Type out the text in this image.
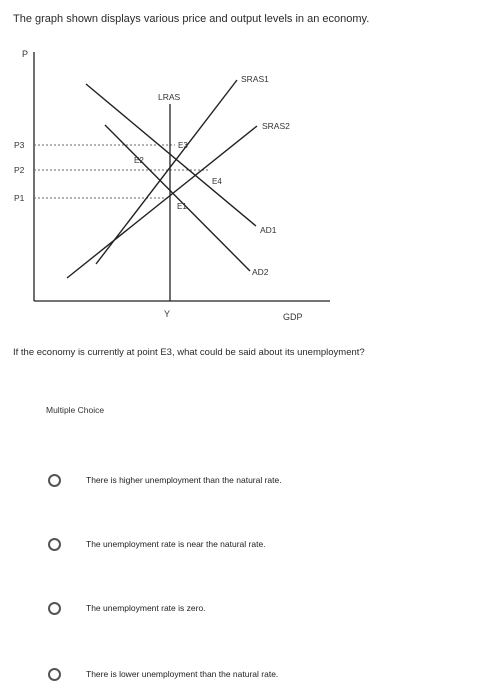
The graph shown displays various price and output levels in an economy.

P
GDP
Y
P3
P2
P1
LRAS
SRAS1
SRAS2
AD1
AD2
E3
E2
E4
E1

If the economy is currently at point E3, what could be said about its unemployment?

Multiple Choice
There is higher unemployment than the natural rate.
The unemployment rate is near the natural rate.
The unemployment rate is zero.
There is lower unemployment than the natural rate.
